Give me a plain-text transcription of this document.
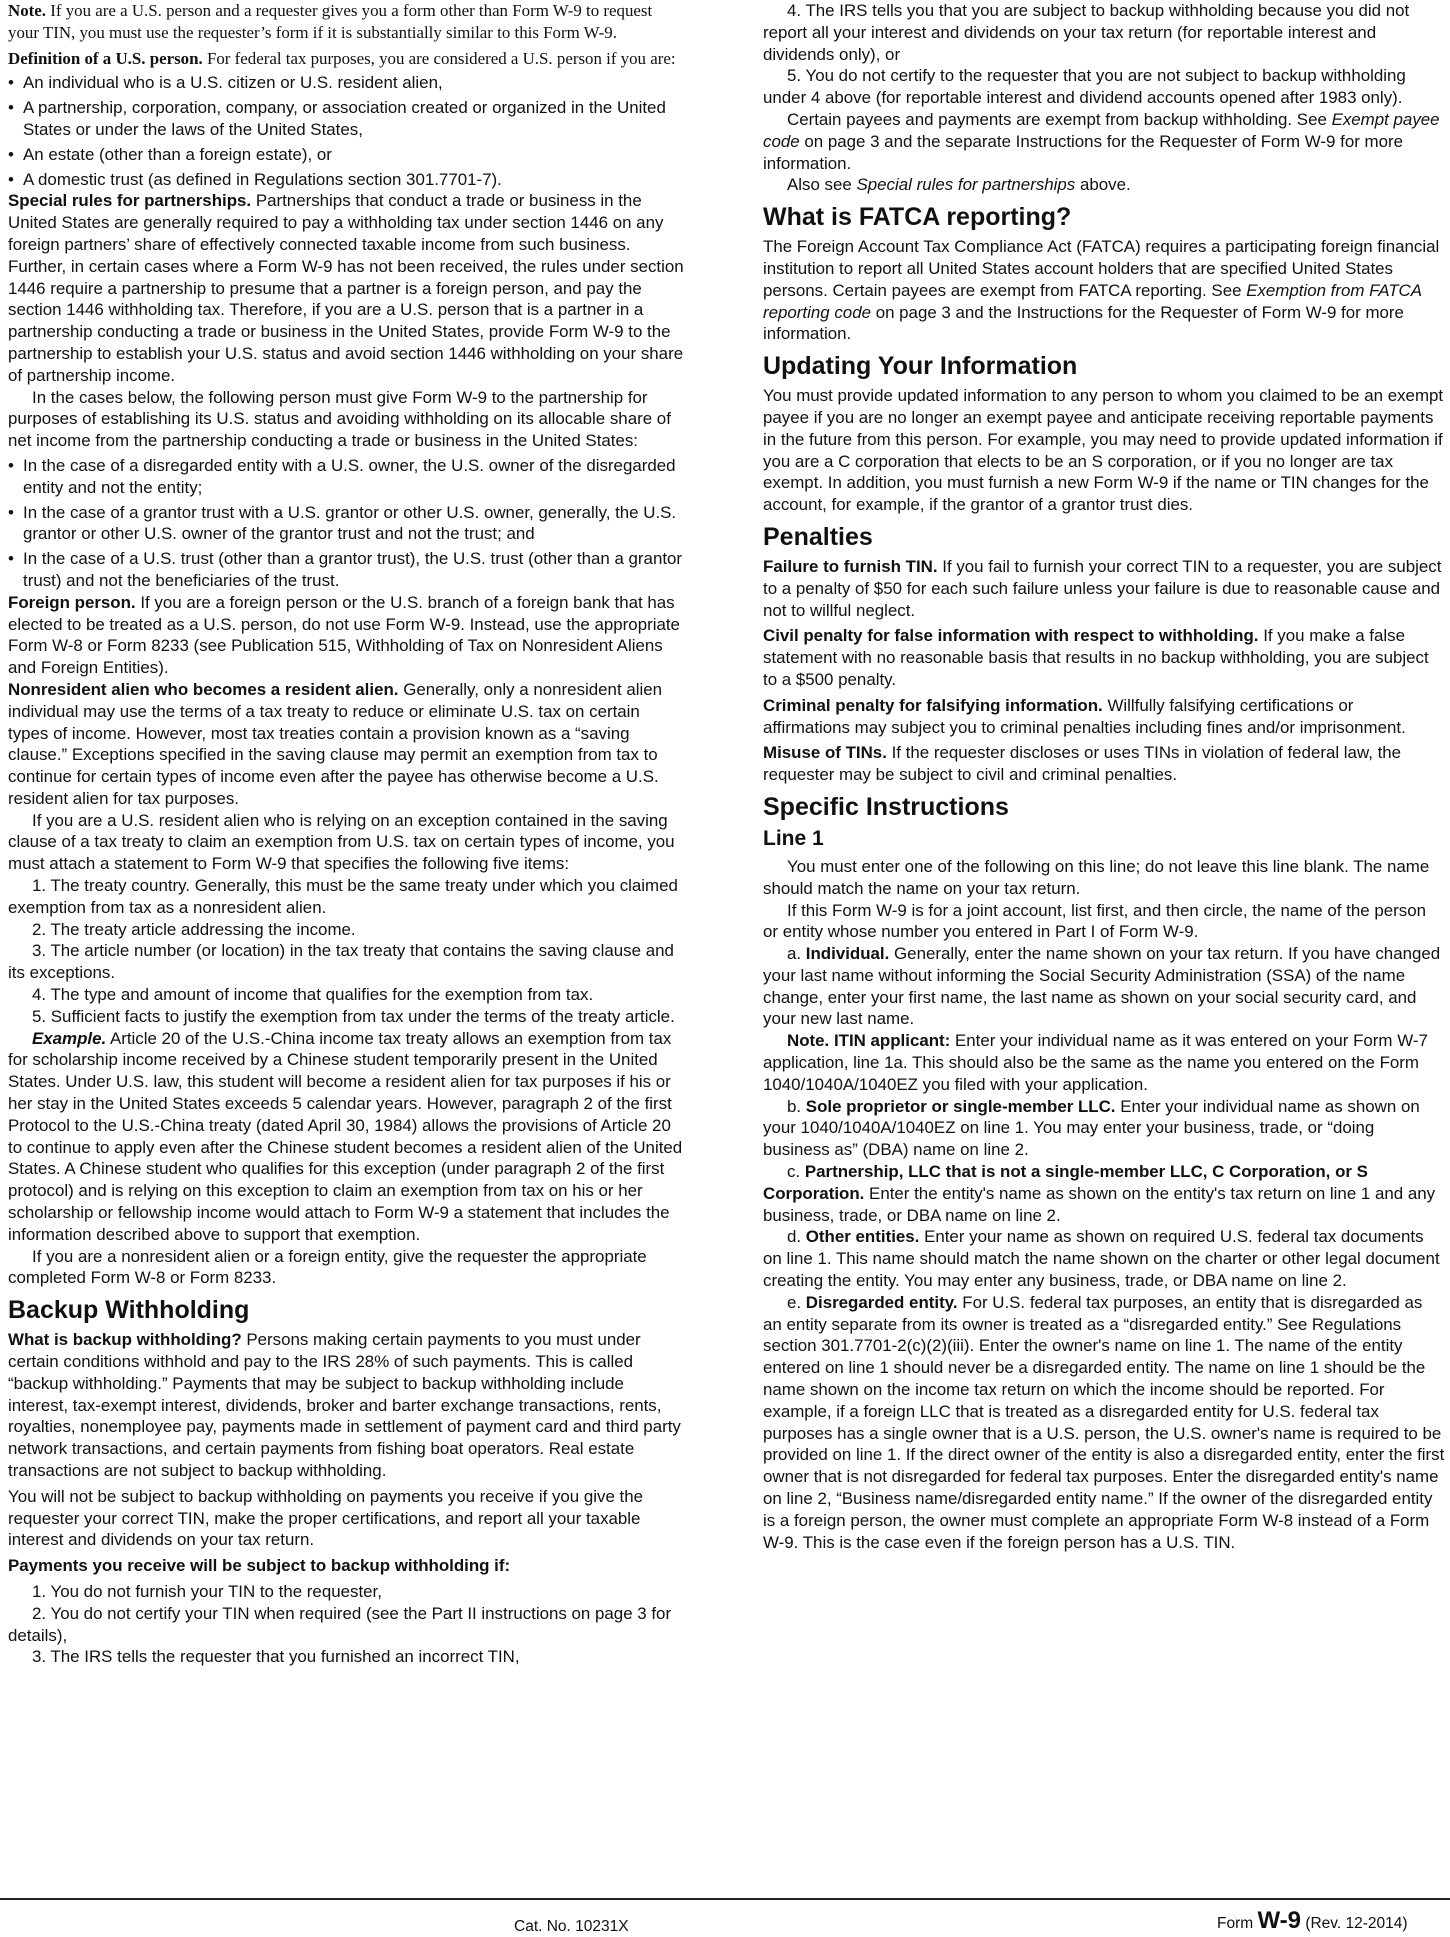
Note. If you are a U.S. person and a requester gives you a form other than Form W-9 to request your TIN, you must use the requester’s form if it is substantially similar to this Form W-9.

Definition of a U.S. person. For federal tax purposes, you are considered a U.S. person if you are:

• An individual who is a U.S. citizen or U.S. resident alien,
• A partnership, corporation, company, or association created or organized in the United States or under the laws of the United States,
• An estate (other than a foreign estate), or
• A domestic trust (as defined in Regulations section 301.7701-7).

Special rules for partnerships. Partnerships that conduct a trade or business in the United States are generally required to pay a withholding tax under section 1446 on any foreign partners’ share of effectively connected taxable income from such business. Further, in certain cases where a Form W-9 has not been received, the rules under section 1446 require a partnership to presume that a partner is a foreign person, and pay the section 1446 withholding tax. Therefore, if you are a U.S. person that is a partner in a partnership conducting a trade or business in the United States, provide Form W-9 to the partnership to establish your U.S. status and avoid section 1446 withholding on your share of partnership income.

In the cases below, the following person must give Form W-9 to the partnership for purposes of establishing its U.S. status and avoiding withholding on its allocable share of net income from the partnership conducting a trade or business in the United States:

• In the case of a disregarded entity with a U.S. owner, the U.S. owner of the disregarded entity and not the entity;
• In the case of a grantor trust with a U.S. grantor or other U.S. owner, generally, the U.S. grantor or other U.S. owner of the grantor trust and not the trust; and
• In the case of a U.S. trust (other than a grantor trust), the U.S. trust (other than a grantor trust) and not the beneficiaries of the trust.

Foreign person. If you are a foreign person or the U.S. branch of a foreign bank that has elected to be treated as a U.S. person, do not use Form W-9. Instead, use the appropriate Form W-8 or Form 8233 (see Publication 515, Withholding of Tax on Nonresident Aliens and Foreign Entities).

Nonresident alien who becomes a resident alien. Generally, only a nonresident alien individual may use the terms of a tax treaty to reduce or eliminate U.S. tax on certain types of income. However, most tax treaties contain a provision known as a “saving clause.” Exceptions specified in the saving clause may permit an exemption from tax to continue for certain types of income even after the payee has otherwise become a U.S. resident alien for tax purposes.

If you are a U.S. resident alien who is relying on an exception contained in the saving clause of a tax treaty to claim an exemption from U.S. tax on certain types of income, you must attach a statement to Form W-9 that specifies the following five items:

1. The treaty country. Generally, this must be the same treaty under which you claimed exemption from tax as a nonresident alien.

2. The treaty article addressing the income.

3. The article number (or location) in the tax treaty that contains the saving clause and its exceptions.

4. The type and amount of income that qualifies for the exemption from tax.

5. Sufficient facts to justify the exemption from tax under the terms of the treaty article.

Example. Article 20 of the U.S.-China income tax treaty allows an exemption from tax for scholarship income received by a Chinese student temporarily present in the United States. Under U.S. law, this student will become a resident alien for tax purposes if his or her stay in the United States exceeds 5 calendar years. However, paragraph 2 of the first Protocol to the U.S.-China treaty (dated April 30, 1984) allows the provisions of Article 20 to continue to apply even after the Chinese student becomes a resident alien of the United States. A Chinese student who qualifies for this exception (under paragraph 2 of the first protocol) and is relying on this exception to claim an exemption from tax on his or her scholarship or fellowship income would attach to Form W-9 a statement that includes the information described above to support that exemption.

If you are a nonresident alien or a foreign entity, give the requester the appropriate completed Form W-8 or Form 8233.

Backup Withholding

What is backup withholding? Persons making certain payments to you must under certain conditions withhold and pay to the IRS 28% of such payments. This is called “backup withholding.” Payments that may be subject to backup withholding include interest, tax-exempt interest, dividends, broker and barter exchange transactions, rents, royalties, nonemployee pay, payments made in settlement of payment card and third party network transactions, and certain payments from fishing boat operators. Real estate transactions are not subject to backup withholding.

You will not be subject to backup withholding on payments you receive if you give the requester your correct TIN, make the proper certifications, and report all your taxable interest and dividends on your tax return.

Payments you receive will be subject to backup withholding if:

1. You do not furnish your TIN to the requester,

2. You do not certify your TIN when required (see the Part II instructions on page 3 for details),

3. The IRS tells the requester that you furnished an incorrect TIN,

4. The IRS tells you that you are subject to backup withholding because you did not report all your interest and dividends on your tax return (for reportable interest and dividends only), or

5. You do not certify to the requester that you are not subject to backup withholding under 4 above (for reportable interest and dividend accounts opened after 1983 only).

Certain payees and payments are exempt from backup withholding. See Exempt payee code on page 3 and the separate Instructions for the Requester of Form W-9 for more information.

Also see Special rules for partnerships above.

What is FATCA reporting?

The Foreign Account Tax Compliance Act (FATCA) requires a participating foreign financial institution to report all United States account holders that are specified United States persons. Certain payees are exempt from FATCA reporting. See Exemption from FATCA reporting code on page 3 and the Instructions for the Requester of Form W-9 for more information.

Updating Your Information

You must provide updated information to any person to whom you claimed to be an exempt payee if you are no longer an exempt payee and anticipate receiving reportable payments in the future from this person. For example, you may need to provide updated information if you are a C corporation that elects to be an S corporation, or if you no longer are tax exempt. In addition, you must furnish a new Form W-9 if the name or TIN changes for the account, for example, if the grantor of a grantor trust dies.

Penalties

Failure to furnish TIN. If you fail to furnish your correct TIN to a requester, you are subject to a penalty of $50 for each such failure unless your failure is due to reasonable cause and not to willful neglect.

Civil penalty for false information with respect to withholding. If you make a false statement with no reasonable basis that results in no backup withholding, you are subject to a $500 penalty.

Criminal penalty for falsifying information. Willfully falsifying certifications or affirmations may subject you to criminal penalties including fines and/or imprisonment.

Misuse of TINs. If the requester discloses or uses TINs in violation of federal law, the requester may be subject to civil and criminal penalties.

Specific Instructions
Line 1

You must enter one of the following on this line; do not leave this line blank. The name should match the name on your tax return.

If this Form W-9 is for a joint account, list first, and then circle, the name of the person or entity whose number you entered in Part I of Form W-9.

a. Individual. Generally, enter the name shown on your tax return. If you have changed your last name without informing the Social Security Administration (SSA) of the name change, enter your first name, the last name as shown on your social security card, and your new last name.

Note. ITIN applicant: Enter your individual name as it was entered on your Form W-7 application, line 1a. This should also be the same as the name you entered on the Form 1040/1040A/1040EZ you filed with your application.

b. Sole proprietor or single-member LLC. Enter your individual name as shown on your 1040/1040A/1040EZ on line 1. You may enter your business, trade, or “doing business as” (DBA) name on line 2.

c. Partnership, LLC that is not a single-member LLC, C Corporation, or S Corporation. Enter the entity's name as shown on the entity's tax return on line 1 and any business, trade, or DBA name on line 2.

d. Other entities. Enter your name as shown on required U.S. federal tax documents on line 1. This name should match the name shown on the charter or other legal document creating the entity. You may enter any business, trade, or DBA name on line 2.

e. Disregarded entity. For U.S. federal tax purposes, an entity that is disregarded as an entity separate from its owner is treated as a “disregarded entity.” See Regulations section 301.7701-2(c)(2)(iii). Enter the owner's name on line 1. The name of the entity entered on line 1 should never be a disregarded entity. The name on line 1 should be the name shown on the income tax return on which the income should be reported. For example, if a foreign LLC that is treated as a disregarded entity for U.S. federal tax purposes has a single owner that is a U.S. person, the U.S. owner's name is required to be provided on line 1. If the direct owner of the entity is also a disregarded entity, enter the first owner that is not disregarded for federal tax purposes. Enter the disregarded entity's name on line 2, “Business name/disregarded entity name.” If the owner of the disregarded entity is a foreign person, the owner must complete an appropriate Form W-8 instead of a Form W-9. This is the case even if the foreign person has a U.S. TIN.

Cat. No. 10231X	Form W-9 (Rev. 12-2014)
